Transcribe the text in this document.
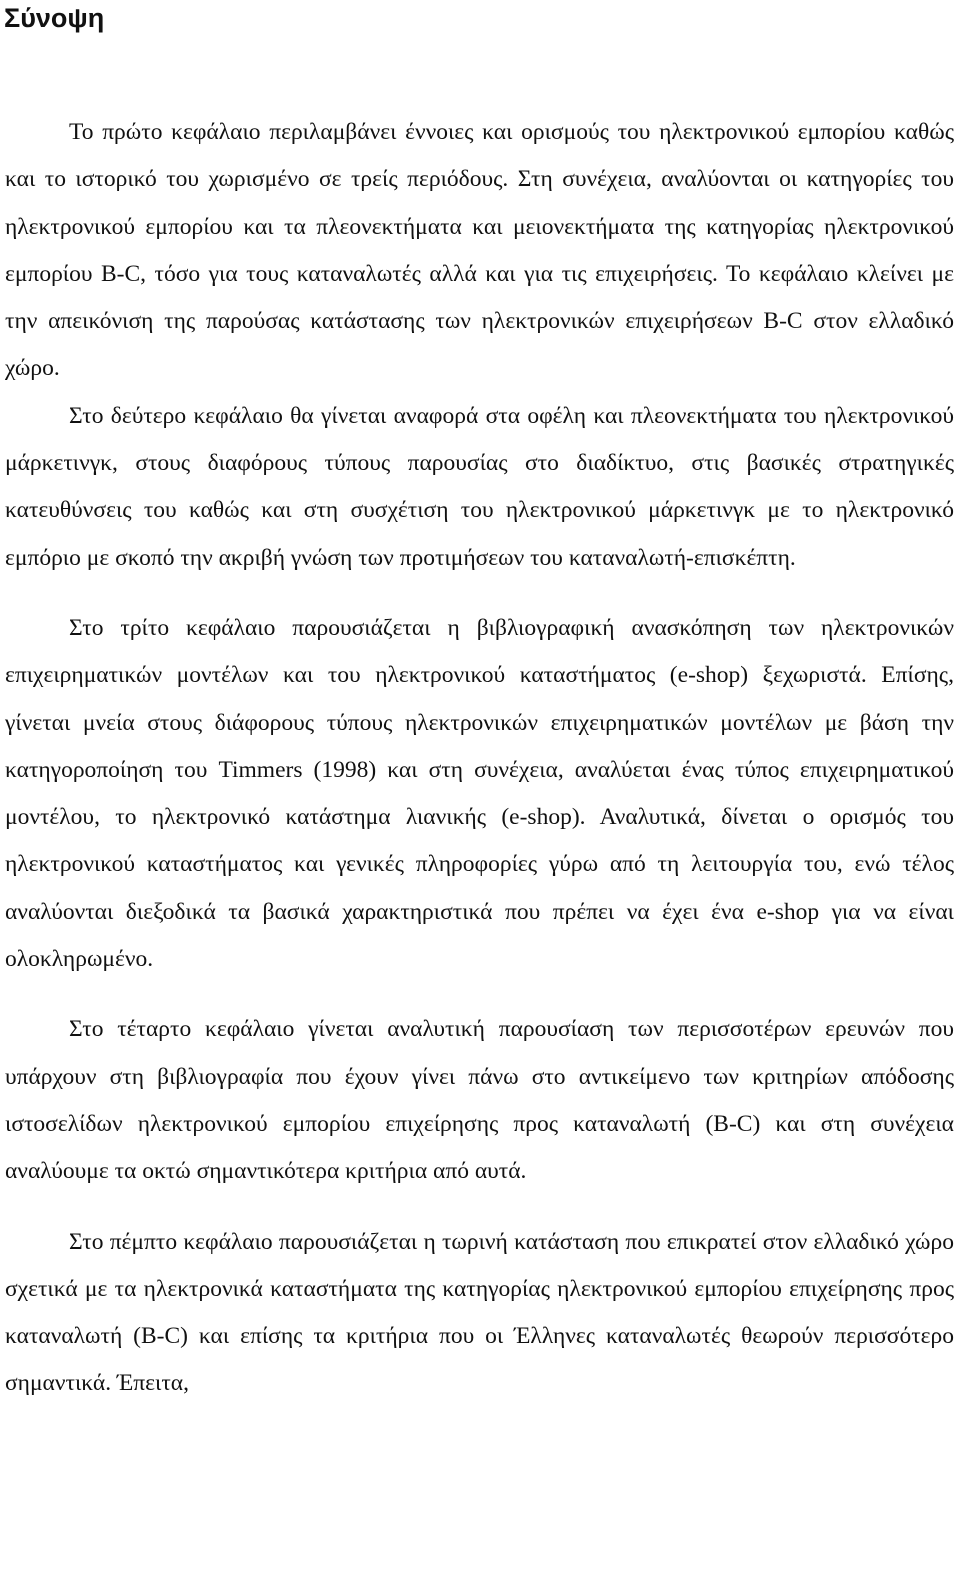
Σύνοψη

Το πρώτο κεφάλαιο περιλαμβάνει έννοιες και ορισμούς του ηλεκτρονικού εμπορίου καθώς και το ιστορικό του χωρισμένο σε τρείς περιόδους. Στη συνέχεια, αναλύονται οι κατηγορίες του ηλεκτρονικού εμπορίου και τα πλεονεκτήματα και μειονεκτήματα της κατηγορίας ηλεκτρονικού εμπορίου B-C, τόσο για τους καταναλωτές αλλά και για τις επιχειρήσεις. Το κεφάλαιο κλείνει με την απεικόνιση της παρούσας κατάστασης των ηλεκτρονικών επιχειρήσεων B-C στον ελλαδικό χώρο.

Στο δεύτερο κεφάλαιο θα γίνεται αναφορά στα οφέλη και πλεονεκτήματα του ηλεκτρονικού μάρκετινγκ, στους διαφόρους τύπους παρουσίας στο διαδίκτυο, στις βασικές στρατηγικές κατευθύνσεις του καθώς και στη συσχέτιση του ηλεκτρονικού μάρκετινγκ με το ηλεκτρονικό εμπόριο με σκοπό την ακριβή γνώση των προτιμήσεων του καταναλωτή-επισκέπτη.

Στο τρίτο κεφάλαιο παρουσιάζεται η βιβλιογραφική ανασκόπηση των ηλεκτρονικών επιχειρηματικών μοντέλων και του ηλεκτρονικού καταστήματος (e-shop) ξεχωριστά. Επίσης, γίνεται μνεία στους διάφορους τύπους ηλεκτρονικών επιχειρηματικών μοντέλων με βάση την κατηγοροποίηση του Timmers (1998) και στη συνέχεια, αναλύεται ένας τύπος επιχειρηματικού μοντέλου, το ηλεκτρονικό κατάστημα λιανικής (e-shop). Αναλυτικά, δίνεται ο ορισμός του ηλεκτρονικού καταστήματος και γενικές πληροφορίες γύρω από τη λειτουργία του, ενώ τέλος αναλύονται διεξοδικά τα βασικά χαρακτηριστικά που πρέπει να έχει ένα e-shop για να είναι ολοκληρωμένο.

Στο τέταρτο κεφάλαιο γίνεται αναλυτική παρουσίαση των περισσοτέρων ερευνών που υπάρχουν στη βιβλιογραφία που έχουν γίνει πάνω στο αντικείμενο των κριτηρίων απόδοσης ιστοσελίδων ηλεκτρονικού εμπορίου επιχείρησης προς καταναλωτή (B-C) και στη συνέχεια αναλύουμε τα οκτώ σημαντικότερα κριτήρια από αυτά.

Στο πέμπτο κεφάλαιο παρουσιάζεται η τωρινή κατάσταση που επικρατεί στον ελλαδικό χώρο σχετικά με τα ηλεκτρονικά καταστήματα της κατηγορίας ηλεκτρονικού εμπορίου επιχείρησης προς καταναλωτή (B-C) και επίσης τα κριτήρια που οι Έλληνες καταναλωτές θεωρούν περισσότερο σημαντικά. Έπειτα,
